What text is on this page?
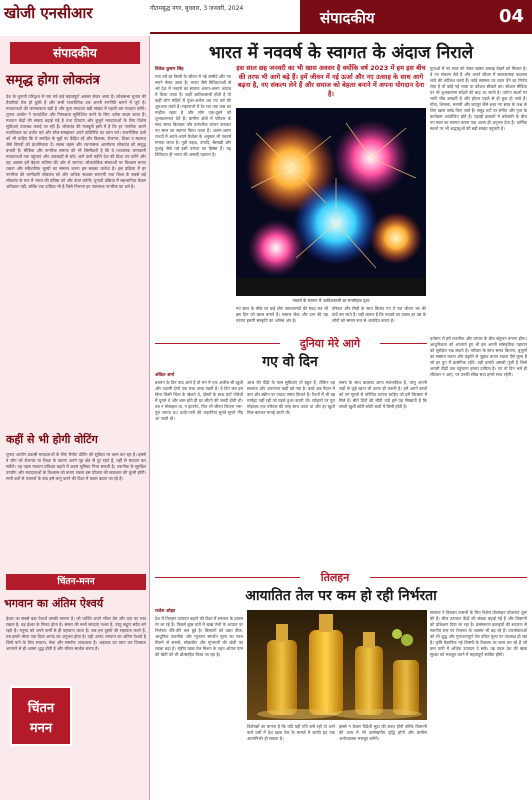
खोजी एनसीआर	गौतमबुद्ध नगर, बुधवार, 3 जनवरी, 2024
संपादकीय	04
संपादकीय
समृद्ध होगा लोकतंत्र
देश के चुनावी परिदृश्य में नया वर्ष कई महत्वपूर्ण अवसर लेकर आया है। लोकसभा चुनाव की तैयारियां तेज हो चुकी हैं और सभी राजनीतिक दल अपनी रणनीति बनाने में जुटे हैं। मतदाताओं की जागरूकता बढ़ी है और युवा मतदाता बड़ी संख्या में पहली बार मतदान करेंगे। चुनाव आयोग ने पारदर्शिता और निष्पक्षता सुनिश्चित करने के लिए अनेक कदम उठाए हैं। मतदान केंद्रों की संख्या बढ़ाई गई है तथा दिव्यांग और बुजुर्ग मतदाताओं के लिए विशेष सुविधाएं उपलब्ध कराई जा रही हैं। लोकतंत्र की मजबूती इसी में है कि हर नागरिक अपने मताधिकार का प्रयोग करे और सोच-समझकर अपने प्रतिनिधि का चयन करे। राजनीतिक दलों को भी चाहिए कि वे जनहित के मुद्दों पर केंद्रित रहें और विकास, रोजगार, शिक्षा व स्वास्थ्य जैसे विषयों को प्राथमिकता दें। स्वस्थ बहस और रचनात्मक आलोचना लोकतंत्र को समृद्ध बनाती है। मीडिया और नागरिक समाज की भी जिम्मेदारी है कि वे तथ्यपरक जानकारी मतदाताओं तक पहुंचाएं और अफवाहों से बचें। आने वाले महीने देश की दिशा तय करेंगे और यह अवसर हमें बेहतर भविष्य की ओर ले जाएगा। लोकतांत्रिक संस्थाओं पर विश्वास बनाए रखना और संवैधानिक मूल्यों का सम्मान करना हम सबका कर्तव्य है। इस प्रक्रिया में हर नागरिक की भागीदारी लोकतंत्र को और अधिक सशक्त बनाएगी तथा विश्व के सबसे बड़े लोकतंत्र के रूप में भारत की प्रतिष्ठा को और ऊंचा करेगी। चुनावी प्रक्रिया में सहभागिता केवल अधिकार नहीं, बल्कि एक दायित्व भी है जिसे निभाना हर जागरूक नागरिक का धर्म है।
कहीं से भी होगी वोटिंग
चुनाव आयोग प्रवासी मतदाताओं के लिए रिमोट वोटिंग की सुविधा पर काम कर रहा है। इससे वे लोग जो रोजगार या शिक्षा के कारण अपने गृह क्षेत्र से दूर रहते हैं, वहीं से मतदान कर सकेंगे। यह पहल मतदान प्रतिशत बढ़ाने में अहम भूमिका निभा सकती है। तकनीक के सुरक्षित उपयोग और मतदाताओं के विश्वास को बनाए रखना इस योजना की सफलता की कुंजी होगी। सभी दलों से परामर्श के बाद इसे लागू करने की दिशा में कदम बढ़ाए जा रहे हैं।
चिंतन-मनन
भगवान का अंतिम ऐश्वर्य
ईश्वर का सबसे बड़ा ऐश्वर्य उसकी करुणा है। जो व्यक्ति अपने भीतर प्रेम और दया का भाव रखता है, वह ईश्वर के निकट होता है। संसार की सभी संपदाएं नश्वर हैं, परंतु सद्गुण सदैव बने रहते हैं। मनुष्य को अपने कर्मों से ही पहचाना जाता है। जब हम दूसरों की सहायता करते हैं, तब हमारे भीतर एक दिव्य आनंद का अनुभव होता है। यही आनंद भगवान का अंतिम ऐश्वर्य है जिसे पाने के लिए साधना, सेवा और समर्पण आवश्यक है। अहंकार का त्याग कर विनम्रता अपनाने से ही आत्मा शुद्ध होती है और जीवन सार्थक बनता है।
चिंतन
मनन
भारत में नववर्ष के स्वागत के अंदाज निराले
विवेक कुमार सिंह
नया वर्ष हर किसी के जीवन में नई उम्मीदें और नए सपने लेकर आता है। भारत जैसे विविधताओं से भरे देश में नववर्ष का स्वागत अलग-अलग अंदाज में किया जाता है। कहीं आतिशबाजी होती है तो कहीं लोग मंदिरों में पूजा-अर्चना कर नए वर्ष की शुरुआत करते हैं। महानगरों में देर रात तक जश्न का माहौल रहता है और लोग एक-दूसरे को शुभकामनाएं देते हैं। ग्रामीण क्षेत्रों में परिवार के साथ समय बिताकर और पारंपरिक व्यंजन बनाकर नए साल का स्वागत किया जाता है। अलग-अलग राज्यों में अपने-अपने कैलेंडर के अनुसार भी नववर्ष मनाया जाता है। गुड़ी पड़वा, उगादि, बैसाखी और पुथांडु जैसे पर्व इसी परंपरा का हिस्सा हैं। यह विविधता ही भारत की असली पहचान है।
इस साल छह जनवरी का भी खास अवसर है क्योंकि वर्ष 2023 में हम इस बीच की तरफ भी आगे बढ़े हैं। हमें जीवन में नई ऊर्जा और नए उत्साह के साथ आगे बढ़ना है, नए संकल्प लेने हैं और समाज को बेहतर बनाने में अपना योगदान देना है।
नववर्ष के स्वागत में आतिशबाजी का मनमोहक दृश्य
युवाओं में नए साल को लेकर खासा उत्साह देखने को मिलता है। वे नए संकल्प लेते हैं और अपने जीवन में सकारात्मक बदलाव लाने की कोशिश करते हैं। कोई स्वास्थ्य पर ध्यान देने का निर्णय लेता है तो कोई नई भाषा या कौशल सीखने का। सोशल मीडिया पर भी शुभकामना संदेशों की बाढ़ आ जाती है। पर्यटन स्थलों पर भारी भीड़ उमड़ती है और होटल पहले से ही बुक हो जाते हैं। गोवा, शिमला, मनाली और जयपुर जैसे शहर नए साल के जश्न के लिए खास पसंद किए जाते हैं। समुद्र तटों पर संगीत और नृत्य के कार्यक्रम आयोजित होते हैं। पहाड़ी इलाकों में बर्फबारी के बीच नए साल का स्वागत करना एक अलग ही अनुभव देता है। धार्मिक स्थलों पर भी श्रद्धालुओं की बड़ी संख्या पहुंचती है।
नए साल के मौके पर कई लोग जरूरतमंदों की मदद कर भी इस दिन को खास बनाते हैं। समाज सेवा और दान की यह परंपरा हमारी संस्कृति का अभिन्न अंग है।
परिवार और मित्रों के साथ बिताए गए ये पल जीवन भर की यादें बन जाते हैं। यही कारण है कि नववर्ष का उत्सव हर उम्र के लोगों को समान रूप से आनंदित करता है।
दुनिया मेरे आगे
गए वो दिन
अंकित शर्मा
बचपन के दिन याद आते हैं तो मन में एक अजीब सी खुशी और उदासी दोनों एक साथ उमड़ पड़ती है। वे दिन जब हम बिना किसी चिंता के खेलते थे, दोस्तों के साथ घंटों गलियों में घूमते थे और शाम होते ही घर लौटने की जल्दी होती थी। तब न मोबाइल था, न इंटरनेट, फिर भी जीवन कितना भरा-पूरा लगता था। दादी-नानी की कहानियां सुनते-सुनते नींद आ जाती थी।
आज की पीढ़ी के पास सुविधाएं तो बहुत हैं, लेकिन वह सरलता और अपनापन कहीं खो गया है। बच्चे अब मैदान में कम और स्क्रीन पर ज्यादा समय बिताते हैं। रिश्तों में भी वह गर्माहट नहीं रही जो पहले हुआ करती थी। त्योहारों पर पूरा मोहल्ला एक परिवार की तरह साथ आता था और हर खुशी मिल-बांटकर मनाई जाती थी।
समय के साथ बदलाव आना स्वाभाविक है, परंतु अपनी जड़ों से जुड़े रहना भी उतना ही जरूरी है। हमें अपने बच्चों को उन मूल्यों से परिचित कराना चाहिए जो हमें विरासत में मिले हैं। बीते दिनों की मीठी यादें हमें यह सिखाती हैं कि सच्ची खुशी छोटी-छोटी बातों में छिपी होती है।
वर्तमान में हमें तकनीक और परंपरा के बीच संतुलन बनाना होगा। आधुनिकता को अपनाते हुए भी हम अपनी सांस्कृतिक पहचान को सुरक्षित रख सकते हैं। परिवार के साथ समय बिताना, बुजुर्गों का सम्मान करना और प्रकृति से जुड़ाव बनाए रखना ऐसे मूल्य हैं जो हर युग में प्रासंगिक रहेंगे। यही हमारी असली पूंजी है जिसे अगली पीढ़ी तक पहुंचाना हमारा दायित्व है। गए वो दिन भले ही लौटकर न आएं, पर उनकी सीख सदा हमारे साथ रहेगी।
तिलहन
आयातित तेल पर कम हो रही निर्भरता
राजेश ओझा
देश में तिलहन उत्पादन बढ़ाने की दिशा में सरकार के प्रयास रंग ला रहे हैं। पिछले कुछ वर्षों में खाद्य तेलों के आयात पर निर्भरता धीरे-धीरे कम हुई है। किसानों को उन्नत बीज, आधुनिक तकनीक और न्यूनतम समर्थन मूल्य का लाभ मिलने से सरसों, सोयाबीन और मूंगफली की खेती का रकबा बढ़ा है। राष्ट्रीय खाद्य तेल मिशन के तहत ऑयल पाम की खेती को भी प्रोत्साहित किया जा रहा है।
विशेषज्ञों का मानना है कि यदि यही गति बनी रही तो आने वाले वर्षों में देश खाद्य तेल के मामले में काफी हद तक आत्मनिर्भर हो सकता है।
इससे न केवल विदेशी मुद्रा की बचत होगी बल्कि किसानों की आय में भी उल्लेखनीय वृद्धि होगी और ग्रामीण अर्थव्यवस्था मजबूत बनेगी।
सरकार ने तिलहन फसलों के लिए विशेष प्रोत्साहन योजनाएं शुरू की हैं। बीज उत्पादन केंद्रों की संख्या बढ़ाई गई है और किसानों को प्रशिक्षण दिया जा रहा है। प्रसंस्करण इकाइयों की स्थापना से स्थानीय स्तर पर रोजगार के अवसर भी बढ़ रहे हैं। उपभोक्ताओं को भी शुद्ध और गुणवत्तापूर्ण तेल उचित मूल्य पर उपलब्ध हो रहा है। कृषि वैज्ञानिक नई किस्मों के विकास पर काम कर रहे हैं जो कम पानी में अधिक उत्पादन दे सकें। यह पहल देश की खाद्य सुरक्षा को मजबूत करने में महत्वपूर्ण साबित होगी।
